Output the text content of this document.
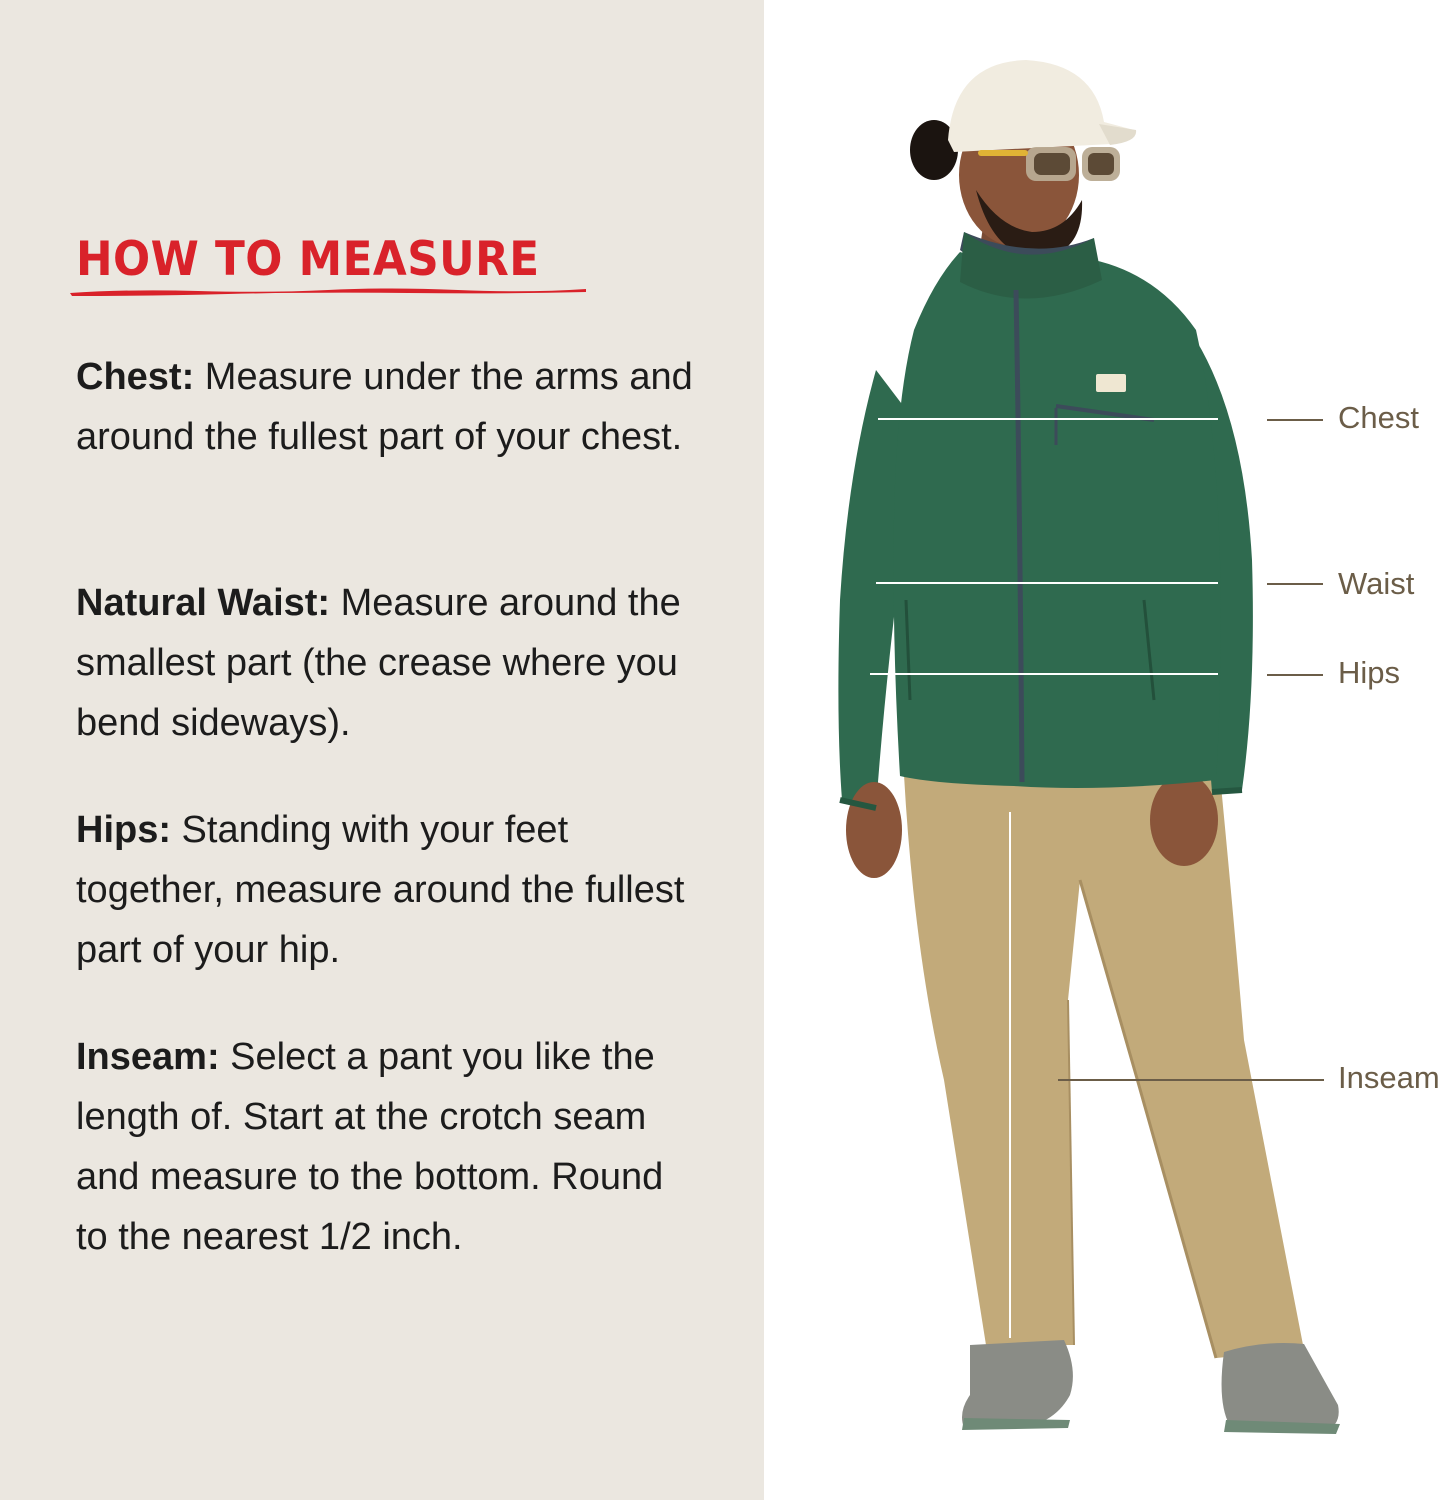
HOW TO MEASURE
Chest: Measure under the arms and around the fullest part of your chest.
Natural Waist: Measure around the smallest part (the crease where you bend sideways).
Hips: Standing with your feet together, measure around the fullest part of your hip.
Inseam: Select a pant you like the length of. Start at the crotch seam and measure to the bottom. Round to the nearest 1/2 inch.
Chest
Waist
Hips
Inseam
